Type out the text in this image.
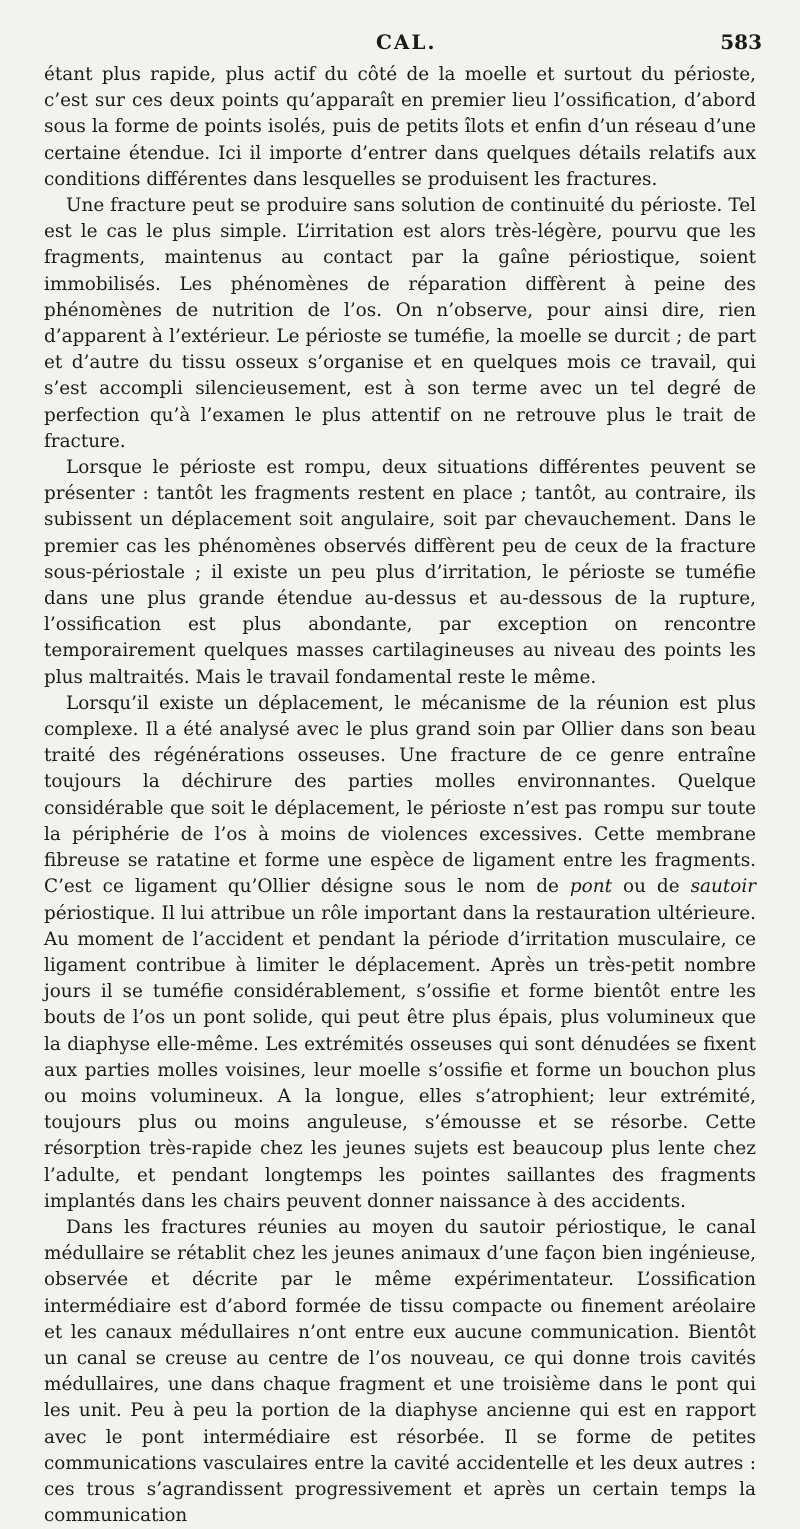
CAL.	583

étant plus rapide, plus actif du côté de la moelle et surtout du périoste, c’est sur ces deux points qu’apparaît en premier lieu l’ossification, d’abord sous la forme de points isolés, puis de petits îlots et enfin d’un réseau d’une certaine étendue. Ici il importe d’entrer dans quelques détails relatifs aux conditions différentes dans lesquelles se produisent les fractures.

Une fracture peut se produire sans solution de continuité du périoste. Tel est le cas le plus simple. L’irritation est alors très-légère, pourvu que les fragments, maintenus au contact par la gaîne périostique, soient immobilisés. Les phénomènes de réparation diffèrent à peine des phénomènes de nutrition de l’os. On n’observe, pour ainsi dire, rien d’apparent à l’extérieur. Le périoste se tuméfie, la moelle se durcit ; de part et d’autre du tissu osseux s’organise et en quelques mois ce travail, qui s’est accompli silencieusement, est à son terme avec un tel degré de perfection qu’à l’examen le plus attentif on ne retrouve plus le trait de fracture.

Lorsque le périoste est rompu, deux situations différentes peuvent se présenter : tantôt les fragments restent en place ; tantôt, au contraire, ils subissent un déplacement soit angulaire, soit par chevauchement. Dans le premier cas les phénomènes observés diffèrent peu de ceux de la fracture sous-périostale ; il existe un peu plus d’irritation, le périoste se tuméfie dans une plus grande étendue au-dessus et au-dessous de la rupture, l’ossification est plus abondante, par exception on rencontre temporairement quelques masses cartilagineuses au niveau des points les plus maltraités. Mais le travail fondamental reste le même.

Lorsqu’il existe un déplacement, le mécanisme de la réunion est plus complexe. Il a été analysé avec le plus grand soin par Ollier dans son beau traité des régénérations osseuses. Une fracture de ce genre entraîne toujours la déchirure des parties molles environnantes. Quelque considérable que soit le déplacement, le périoste n’est pas rompu sur toute la périphérie de l’os à moins de violences excessives. Cette membrane fibreuse se ratatine et forme une espèce de ligament entre les fragments. C’est ce ligament qu’Ollier désigne sous le nom de pont ou de sautoir périostique. Il lui attribue un rôle important dans la restauration ultérieure. Au moment de l’accident et pendant la période d’irritation musculaire, ce ligament contribue à limiter le déplacement. Après un très-petit nombre jours il se tuméfie considérablement, s’ossifie et forme bientôt entre les bouts de l’os un pont solide, qui peut être plus épais, plus volumineux que la diaphyse elle-même. Les extrémités osseuses qui sont dénudées se fixent aux parties molles voisines, leur moelle s’ossifie et forme un bouchon plus ou moins volumineux. A la longue, elles s’atrophient; leur extrémité, toujours plus ou moins anguleuse, s’émousse et se résorbe. Cette résorption très-rapide chez les jeunes sujets est beaucoup plus lente chez l’adulte, et pendant longtemps les pointes saillantes des fragments implantés dans les chairs peuvent donner naissance à des accidents.

Dans les fractures réunies au moyen du sautoir périostique, le canal médullaire se rétablit chez les jeunes animaux d’une façon bien ingénieuse, observée et décrite par le même expérimentateur. L’ossification intermédiaire est d’abord formée de tissu compacte ou finement aréolaire et les canaux médullaires n’ont entre eux aucune communication. Bientôt un canal se creuse au centre de l’os nouveau, ce qui donne trois cavités médullaires, une dans chaque fragment et une troisième dans le pont qui les unit. Peu à peu la portion de la diaphyse ancienne qui est en rapport avec le pont intermédiaire est résorbée. Il se forme de petites communications vasculaires entre la cavité accidentelle et les deux autres : ces trous s’agrandissent progressivement et après un certain temps la communication
